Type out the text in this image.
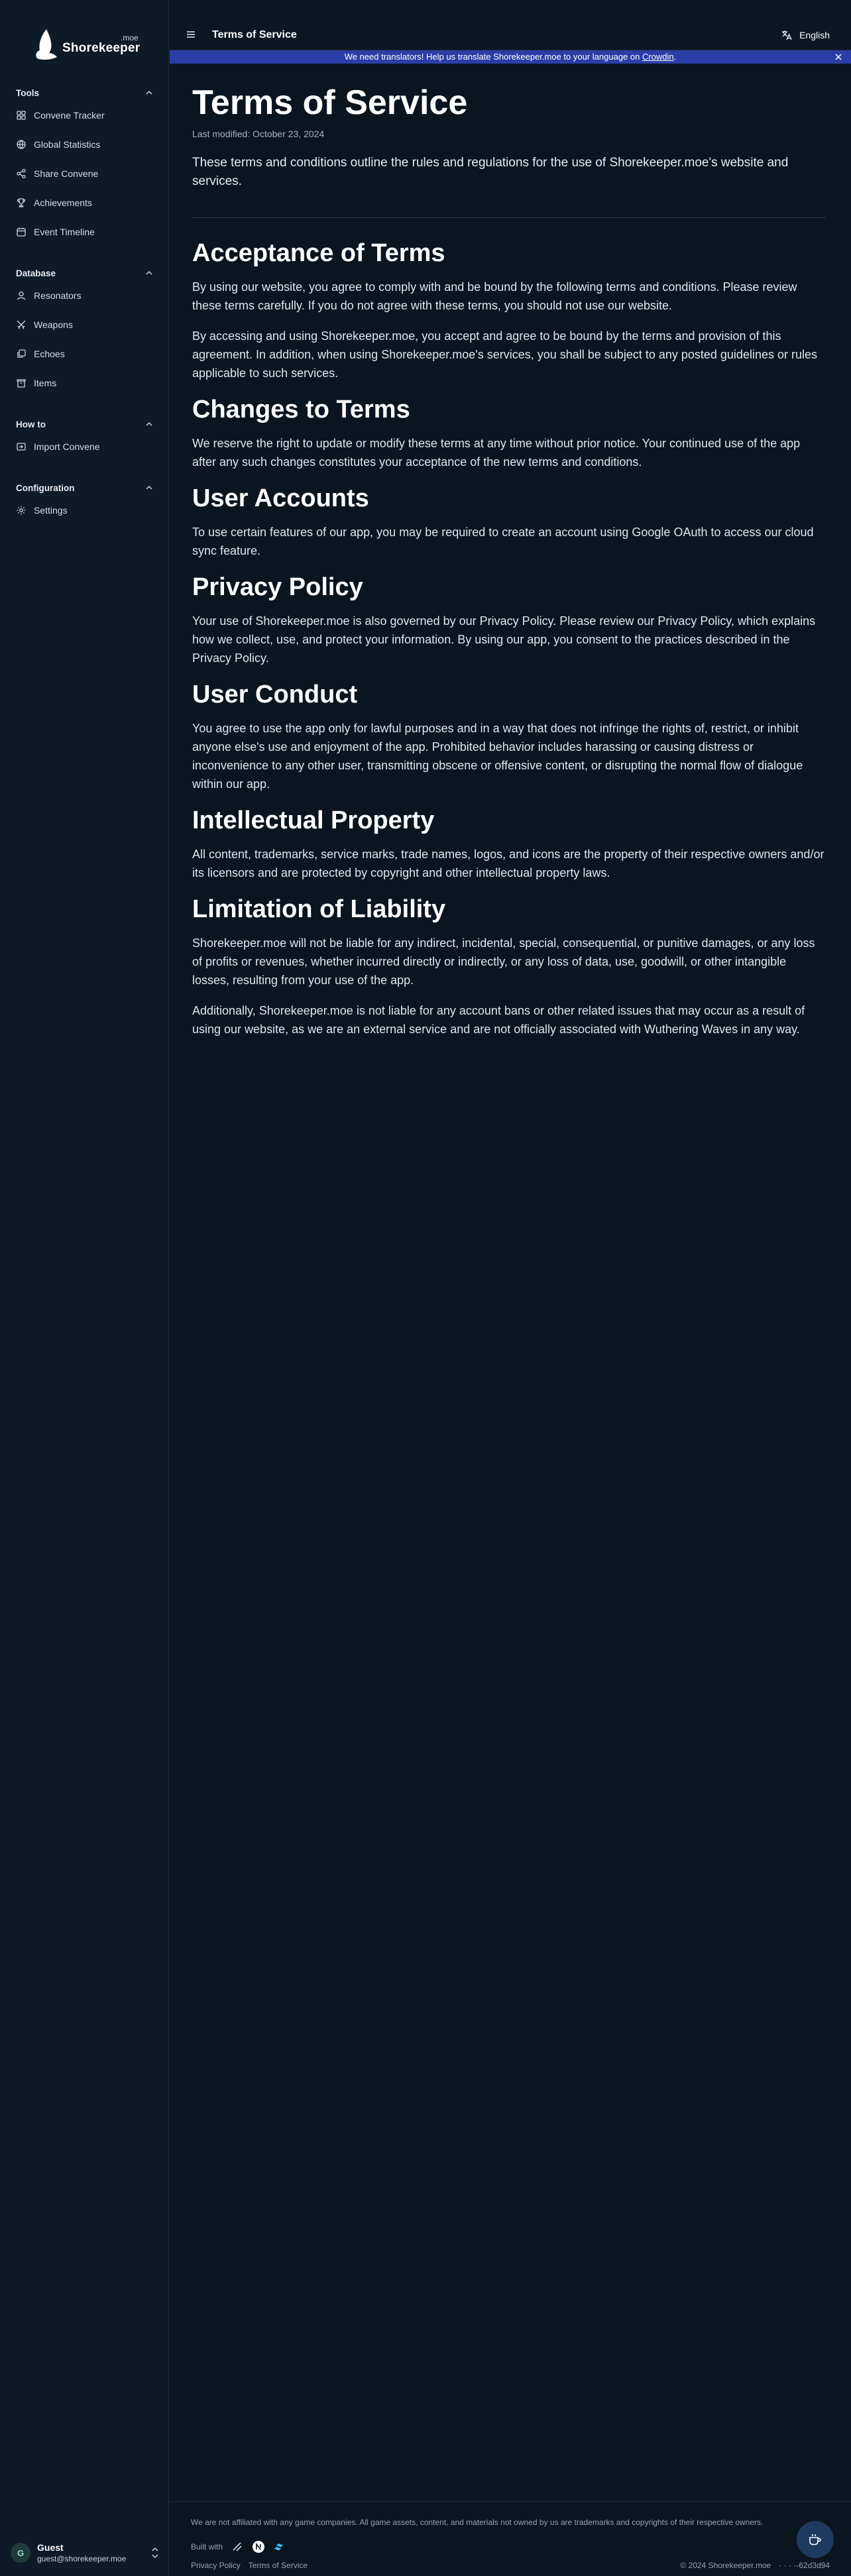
.moe
Shorekeeper
Tools
Convene Tracker
Global Statistics
Share Convene
Achievements
Event Timeline
Database
Resonators
Weapons
Echoes
Items
How to
Import Convene
Configuration
Settings
G	Guest
guest@shorekeeper.moe
Terms of Service	English
We need translators! Help us translate Shorekeeper.moe to your language on Crowdin.
Terms of Service
Last modified: October 23, 2024

These terms and conditions outline the rules and regulations for the use of Shorekeeper.moe's website and services.

Acceptance of Terms

By using our website, you agree to comply with and be bound by the following terms and conditions. Please review these terms carefully. If you do not agree with these terms, you should not use our website.

By accessing and using Shorekeeper.moe, you accept and agree to be bound by the terms and provision of this agreement. In addition, when using Shorekeeper.moe's services, you shall be subject to any posted guidelines or rules applicable to such services.

Changes to Terms

We reserve the right to update or modify these terms at any time without prior notice. Your continued use of the app after any such changes constitutes your acceptance of the new terms and conditions.

User Accounts

To use certain features of our app, you may be required to create an account using Google OAuth to access our cloud sync feature.

Privacy Policy

Your use of Shorekeeper.moe is also governed by our Privacy Policy. Please review our Privacy Policy, which explains how we collect, use, and protect your information. By using our app, you consent to the practices described in the Privacy Policy.

User Conduct

You agree to use the app only for lawful purposes and in a way that does not infringe the rights of, restrict, or inhibit anyone else's use and enjoyment of the app. Prohibited behavior includes harassing or causing distress or inconvenience to any other user, transmitting obscene or offensive content, or disrupting the normal flow of dialogue within our app.

Intellectual Property

All content, trademarks, service marks, trade names, logos, and icons are the property of their respective owners and/or its licensors and are protected by copyright and other intellectual property laws.

Limitation of Liability

Shorekeeper.moe will not be liable for any indirect, incidental, special, consequential, or punitive damages, or any loss of profits or revenues, whether incurred directly or indirectly, or any loss of data, use, goodwill, or other intangible losses, resulting from your use of the app.

Additionally, Shorekeeper.moe is not liable for any account bans or other related issues that may occur as a result of using our website, as we are an external service and are not officially associated with Wuthering Waves in any way.

We are not affiliated with any game companies. All game assets, content, and materials not owned by us are trademarks and copyrights of their respective owners.
Built with
Privacy Policy Terms of Service	© 2024 Shorekeeper.moe · · · ·-62d3d94
